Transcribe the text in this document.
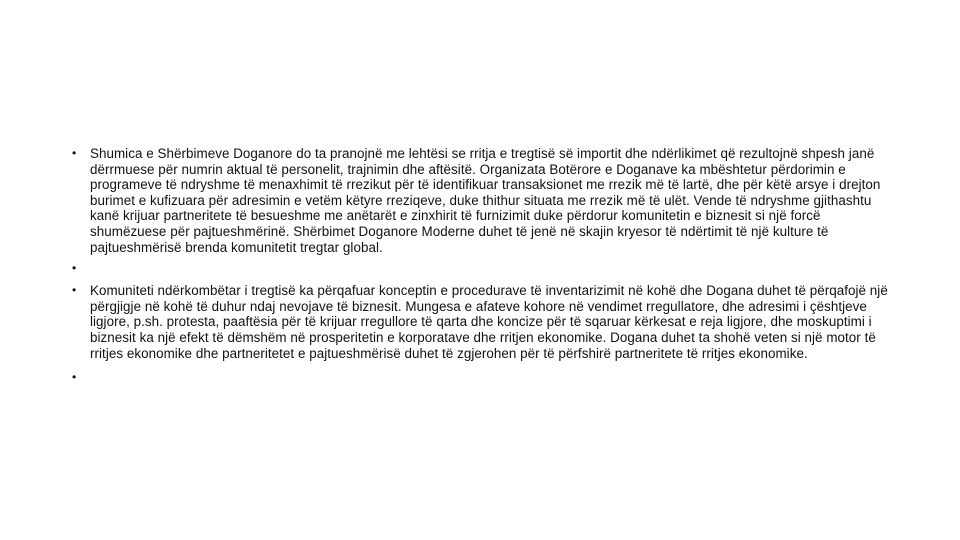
• Shumica e Shërbimeve Doganore do ta pranojnë me lehtësi se rritja e tregtisë së importit dhe ndërlikimet që rezultojnë shpesh janë dërrmuese për numrin aktual të personelit, trajnimin dhe aftësitë. Organizata Botërore e Doganave ka mbështetur përdorimin e programeve të ndryshme të menaxhimit të rrezikut për të identifikuar transaksionet me rrezik më të lartë, dhe për këtë arsye i drejton burimet e kufizuara për adresimin e vetëm këtyre rreziqeve, duke thithur situata me rrezik më të ulët. Vende të ndryshme gjithashtu kanë krijuar partneritete të besueshme me anëtarët e zinxhirit të furnizimit duke përdorur komunitetin e biznesit si një forcë shumëzuese për pajtueshmërinë. Shërbimet Doganore Moderne duhet të jenë në skajin kryesor të ndërtimit të një kulture të pajtueshmërisë brenda komunitetit tregtar global.
•
• Komuniteti ndërkombëtar i tregtisë ka përqafuar konceptin e procedurave të inventarizimit në kohë dhe Dogana duhet të përqafojë një përgjigje në kohë të duhur ndaj nevojave të biznesit. Mungesa e afateve kohore në vendimet rregullatore, dhe adresimi i çështjeve ligjore, p.sh. protesta, paaftësia për të krijuar rregullore të qarta dhe koncize për të sqaruar kërkesat e reja ligjore, dhe moskuptimi i biznesit ka një efekt të dëmshëm në prosperitetin e korporatave dhe rritjen ekonomike. Dogana duhet ta shohë veten si një motor të rritjes ekonomike dhe partneritetet e pajtueshmërisë duhet të zgjerohen për të përfshirë partneritete të rritjes ekonomike.
•
